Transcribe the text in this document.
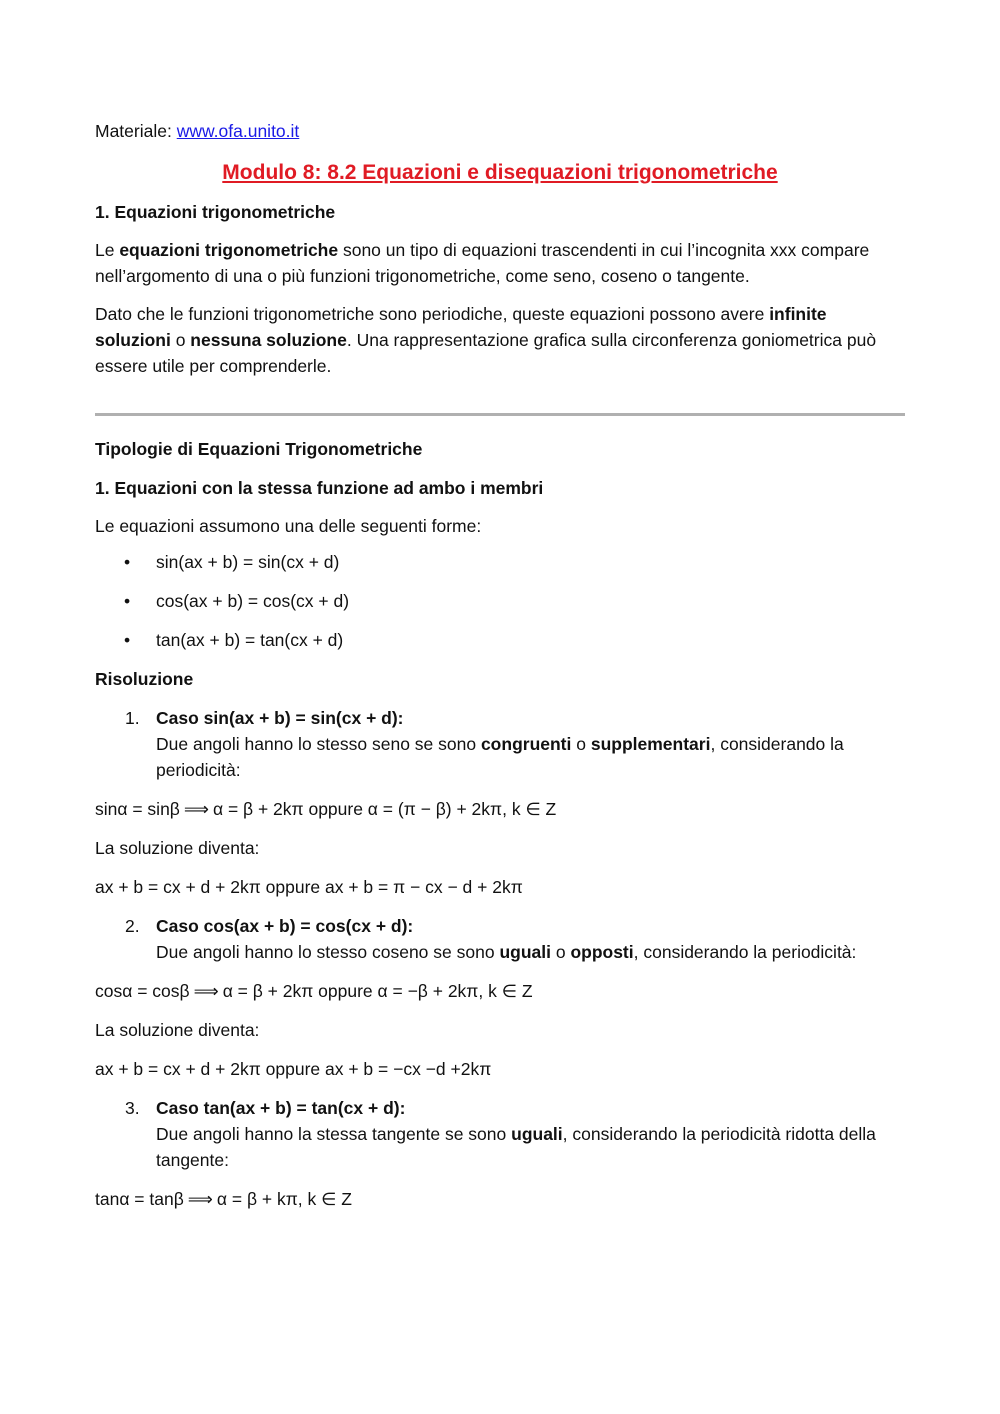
Materiale: www.ofa.unito.it

Modulo 8: 8.2 Equazioni e disequazioni trigonometriche

1. Equazioni trigonometriche

Le equazioni trigonometriche sono un tipo di equazioni trascendenti in cui l’incognita xxx compare nell’argomento di una o più funzioni trigonometriche, come seno, coseno o tangente.

Dato che le funzioni trigonometriche sono periodiche, queste equazioni possono avere infinite soluzioni o nessuna soluzione. Una rappresentazione grafica sulla circonferenza goniometrica può essere utile per comprenderle.

Tipologie di Equazioni Trigonometriche

1. Equazioni con la stessa funzione ad ambo i membri

Le equazioni assumono una delle seguenti forme:

• sin(ax + b) = sin(cx + d)
• cos(ax + b) = cos(cx + d)
• tan(ax + b) = tan(cx + d)

Risoluzione

1. Caso sin(ax + b) = sin(cx + d):
Due angoli hanno lo stesso seno se sono congruenti o supplementari, considerando la periodicità:

sinα = sinβ ⟹ α = β + 2kπ oppure α = (π − β) + 2kπ, k ∈ Z

La soluzione diventa:

ax + b = cx + d + 2kπ oppure ax + b = π − cx − d + 2kπ

2. Caso cos(ax + b) = cos(cx + d):
Due angoli hanno lo stesso coseno se sono uguali o opposti, considerando la periodicità:

cosα = cosβ ⟹ α = β + 2kπ oppure α = −β + 2kπ, k ∈ Z

La soluzione diventa:

ax + b = cx + d + 2kπ oppure ax + b = −cx −d +2kπ

3. Caso tan(ax + b) = tan(cx + d):
Due angoli hanno la stessa tangente se sono uguali, considerando la periodicità ridotta della tangente:

tanα = tanβ ⟹ α = β + kπ, k ∈ Z
